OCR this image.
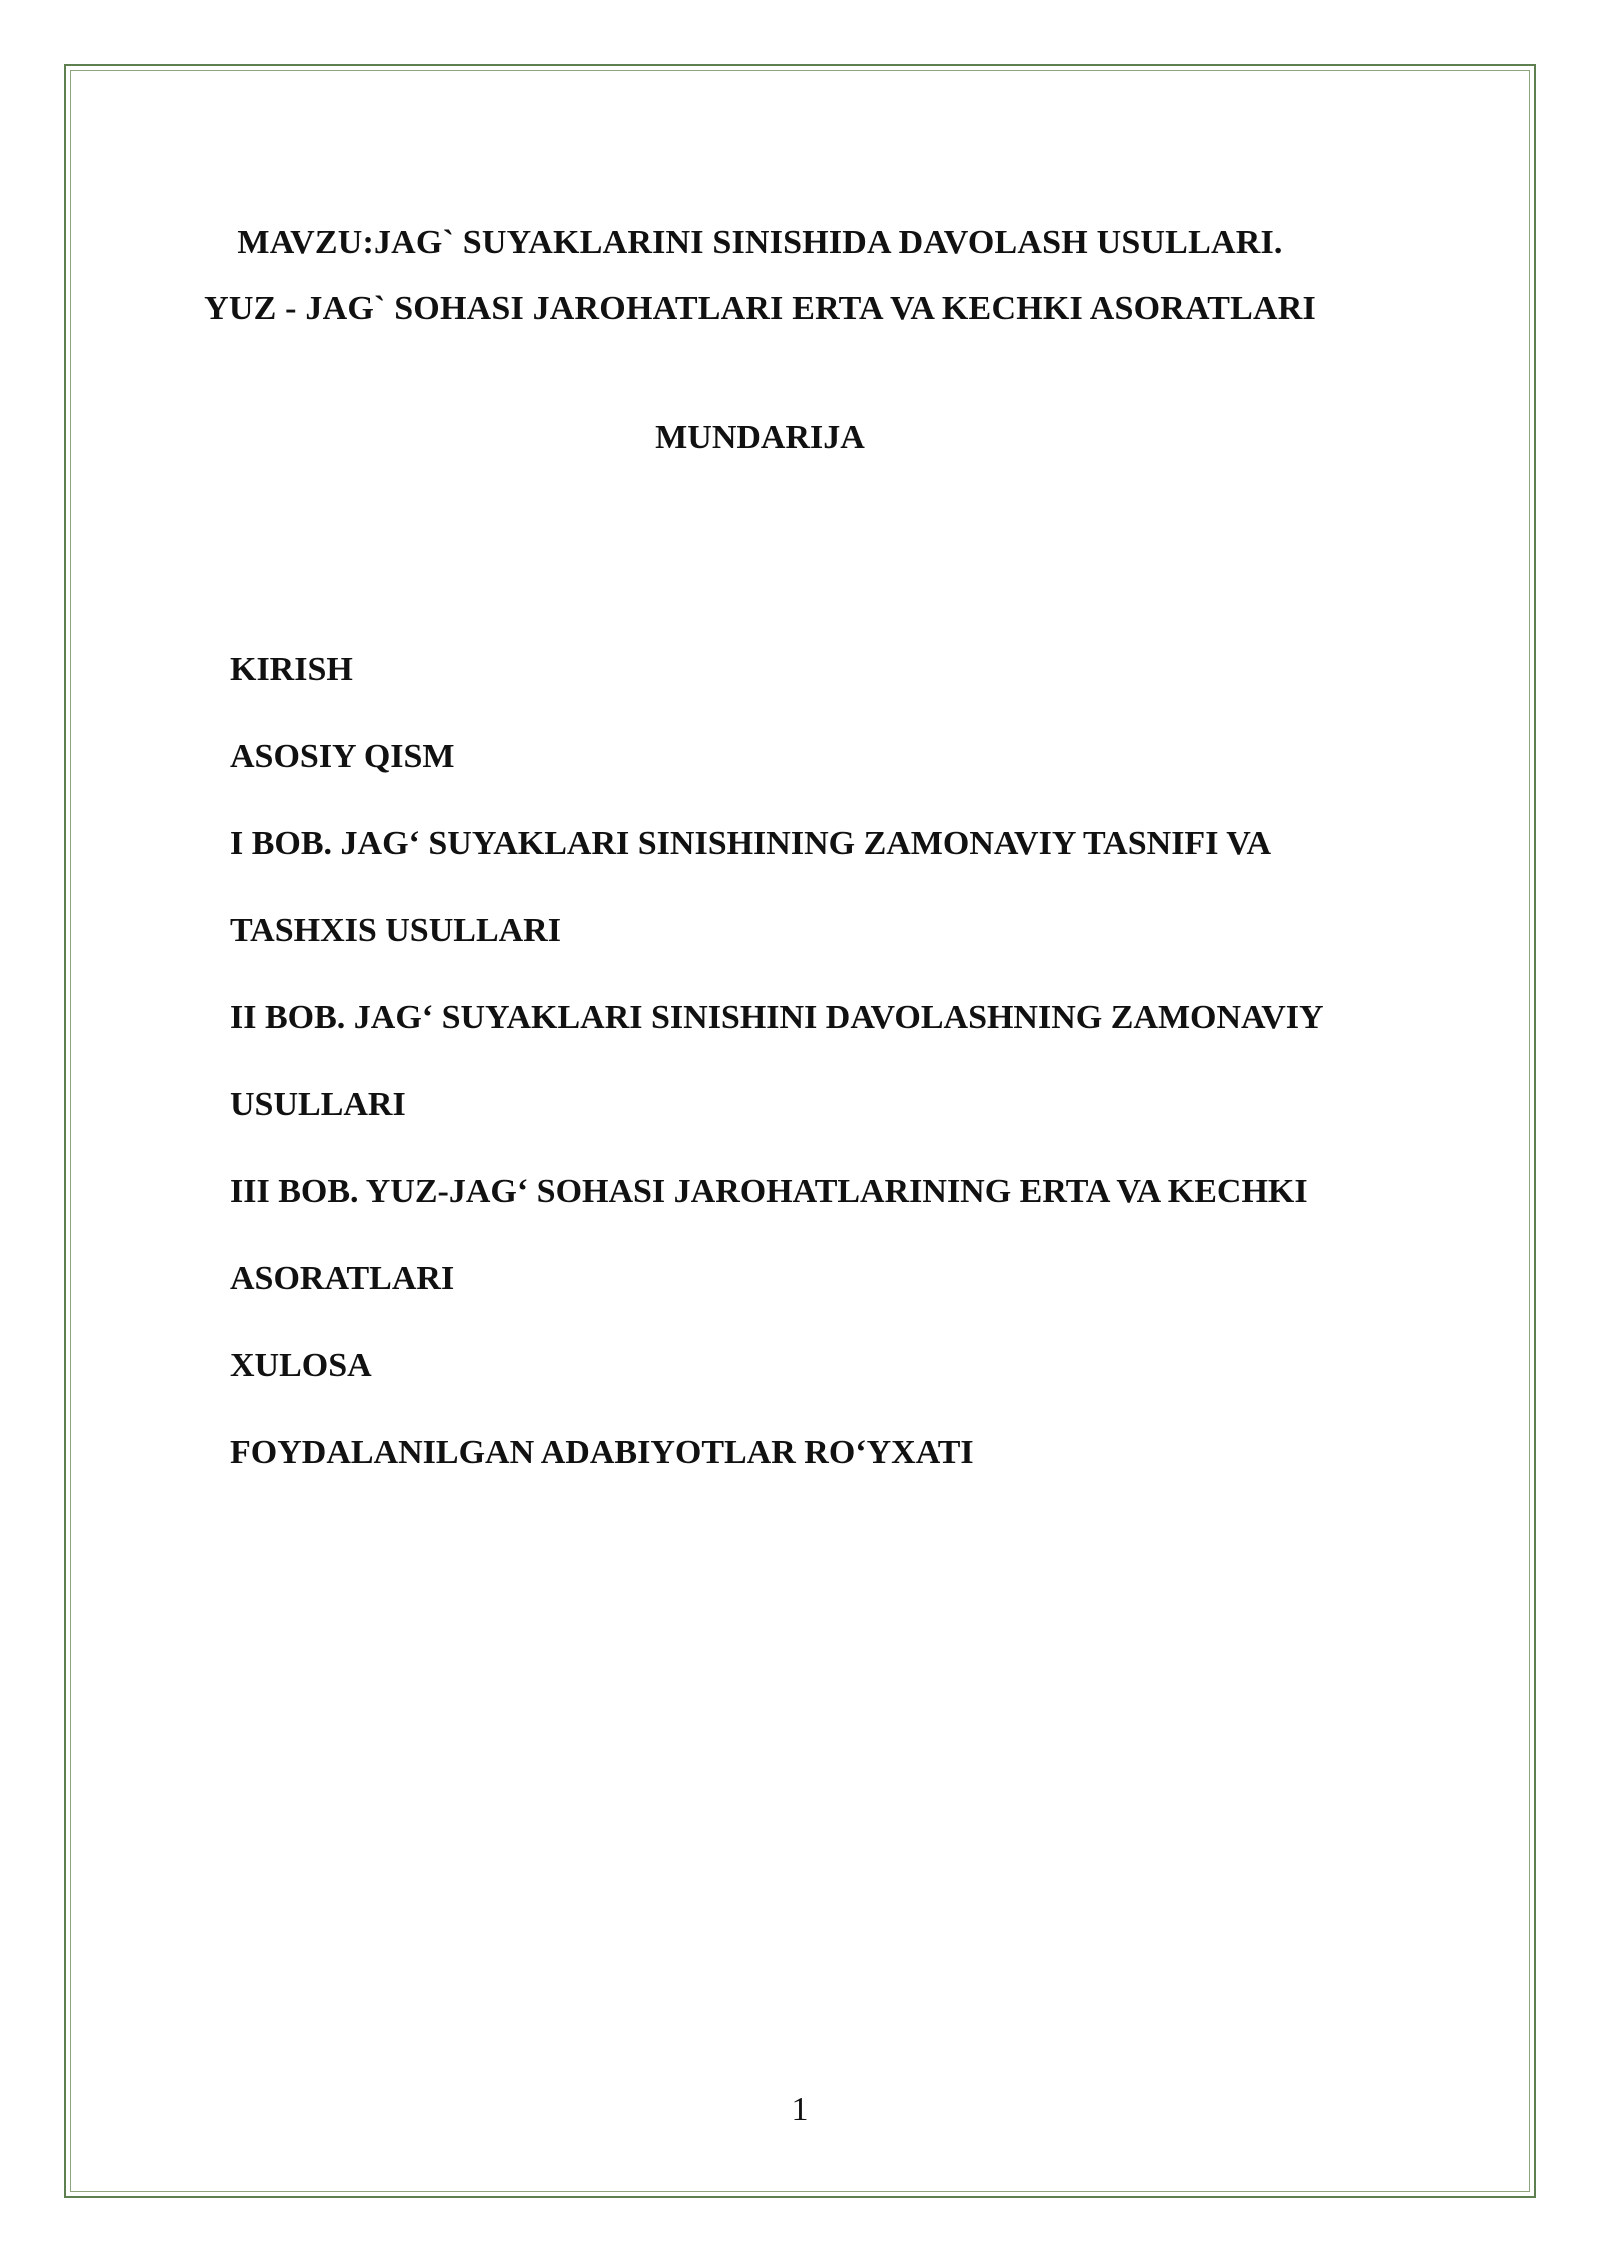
MAVZU:JAG` SUYAKLARINI SINISHIDA DAVOLASH USULLARI. YUZ - JAG` SOHASI JAROHATLARI ERTA VA KECHKI ASORATLARI
MUNDARIJA
KIRISH
ASOSIY QISM
I BOB. JAG‘ SUYAKLARI SINISHINING ZAMONAVIY TASNIFI VA
TASHXIS USULLARI
II BOB. JAG‘ SUYAKLARI SINISHINI DAVOLASHNING ZAMONAVIY
USULLARI
III BOB. YUZ-JAG‘ SOHASI JAROHATLARINING ERTA VA KECHKI
ASORATLARI
XULOSA
FOYDALANILGAN ADABIYOTLAR RO‘YXATI
1
